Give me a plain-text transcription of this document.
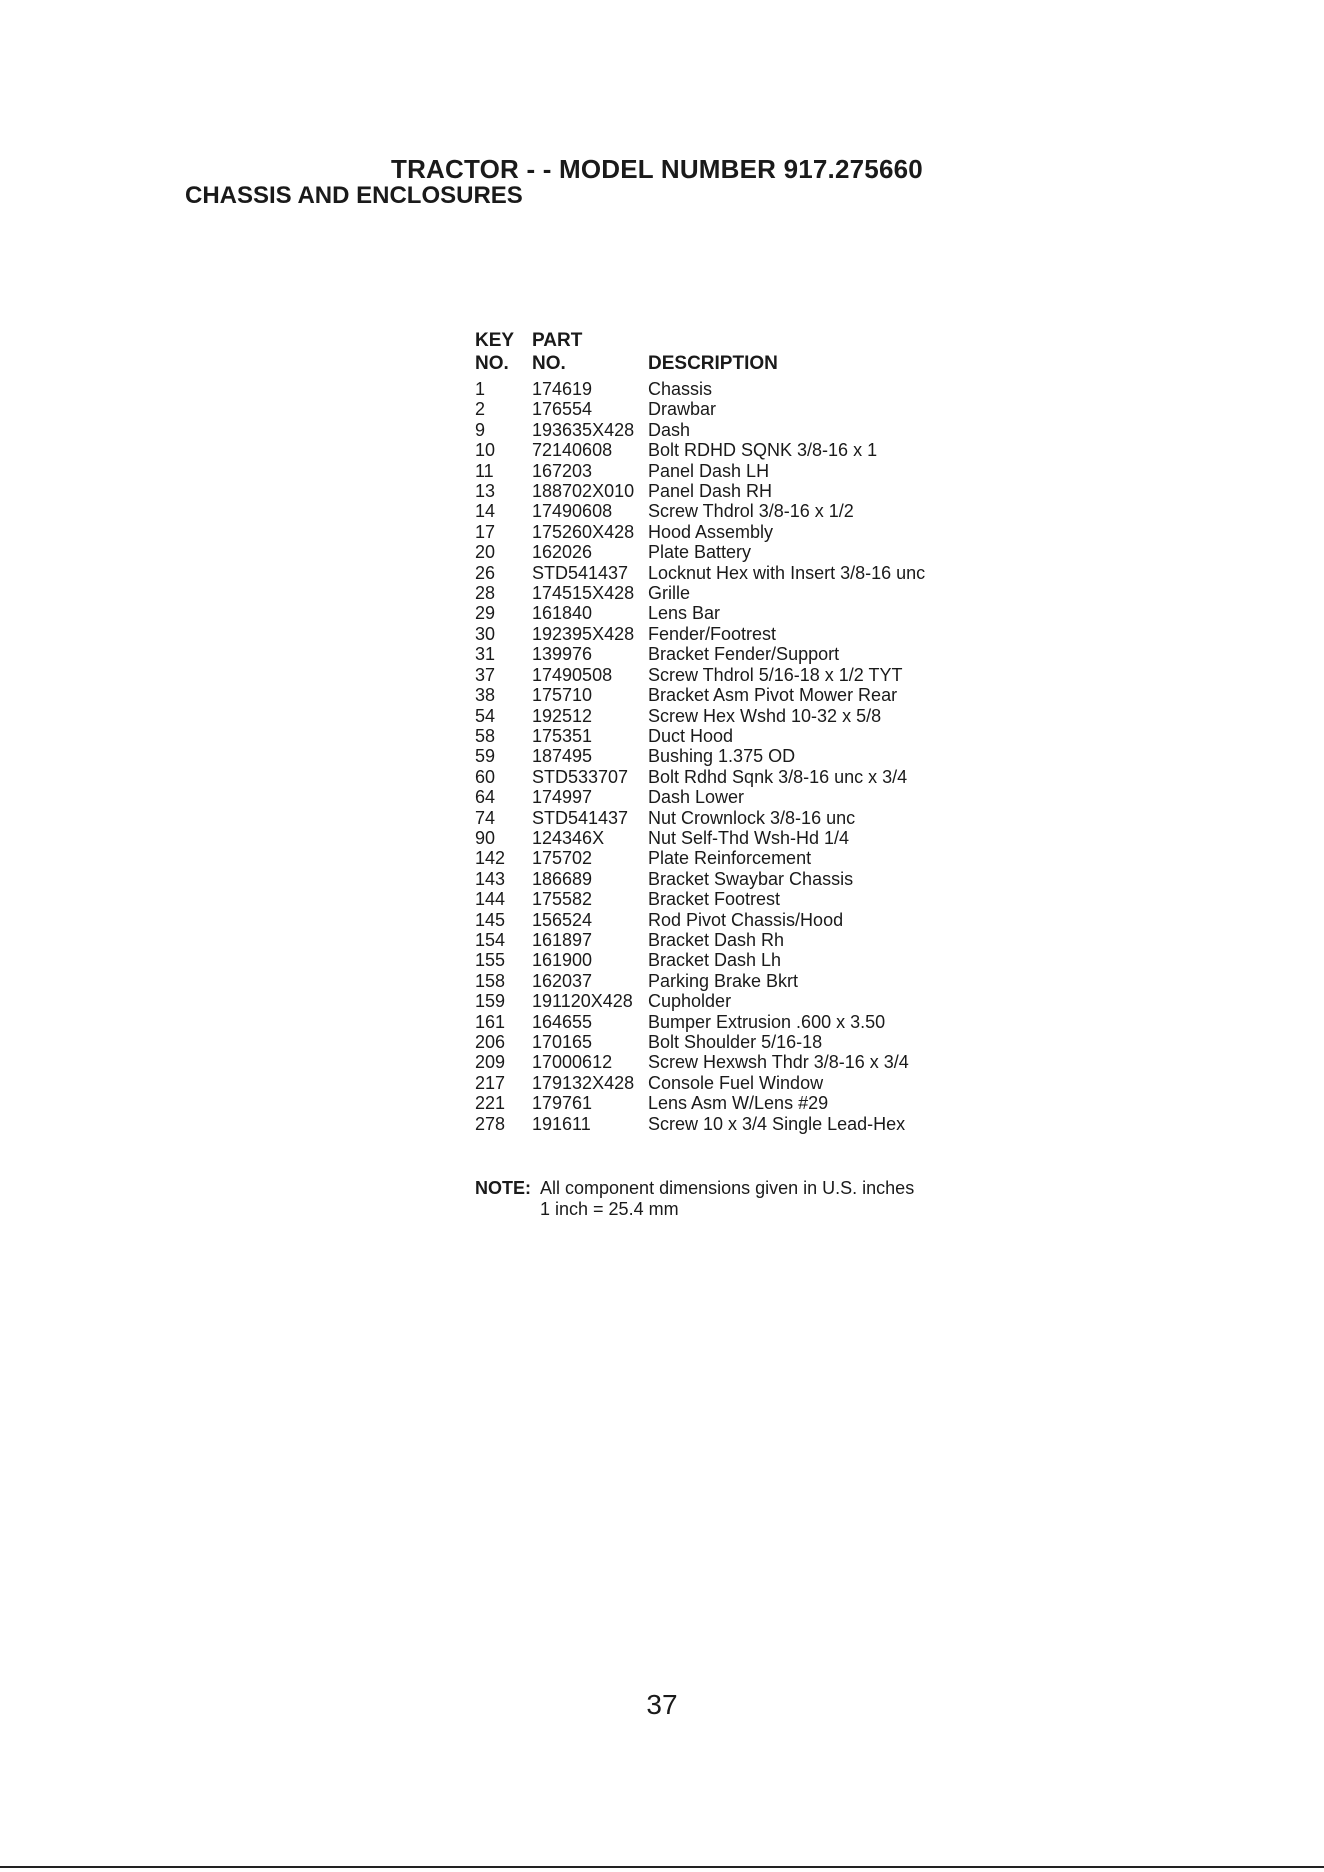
TRACTOR - - MODEL NUMBER 917.275660
CHASSIS AND ENCLOSURES
KEY	PART	
NO.	NO.	DESCRIPTION
1	174619	Chassis
2	176554	Drawbar
9	193635X428	Dash
10	72140608	Bolt RDHD SQNK 3/8-16 x 1
11	167203	Panel Dash LH
13	188702X010	Panel Dash RH
14	17490608	Screw Thdrol 3/8-16 x 1/2
17	175260X428	Hood Assembly
20	162026	Plate Battery
26	STD541437	Locknut Hex with Insert 3/8-16 unc
28	174515X428	Grille
29	161840	Lens Bar
30	192395X428	Fender/Footrest
31	139976	Bracket Fender/Support
37	17490508	Screw Thdrol 5/16-18 x 1/2 TYT
38	175710	Bracket Asm Pivot Mower Rear
54	192512	Screw Hex Wshd 10-32 x 5/8
58	175351	Duct Hood
59	187495	Bushing 1.375 OD
60	STD533707	Bolt Rdhd Sqnk 3/8-16 unc x 3/4
64	174997	Dash Lower
74	STD541437	Nut Crownlock 3/8-16 unc
90	124346X	Nut Self-Thd Wsh-Hd 1/4
142	175702	Plate Reinforcement
143	186689	Bracket Swaybar Chassis
144	175582	Bracket Footrest
145	156524	Rod Pivot Chassis/Hood
154	161897	Bracket Dash Rh
155	161900	Bracket Dash Lh
158	162037	Parking Brake Bkrt
159	191120X428	Cupholder
161	164655	Bumper Extrusion .600 x 3.50
206	170165	Bolt Shoulder 5/16-18
209	17000612	Screw Hexwsh Thdr 3/8-16 x 3/4
217	179132X428	Console Fuel Window
221	179761	Lens Asm W/Lens #29
278	191611	Screw 10 x 3/4 Single Lead-Hex
NOTE: All component dimensions given in U.S. inches
1 inch = 25.4 mm
37
